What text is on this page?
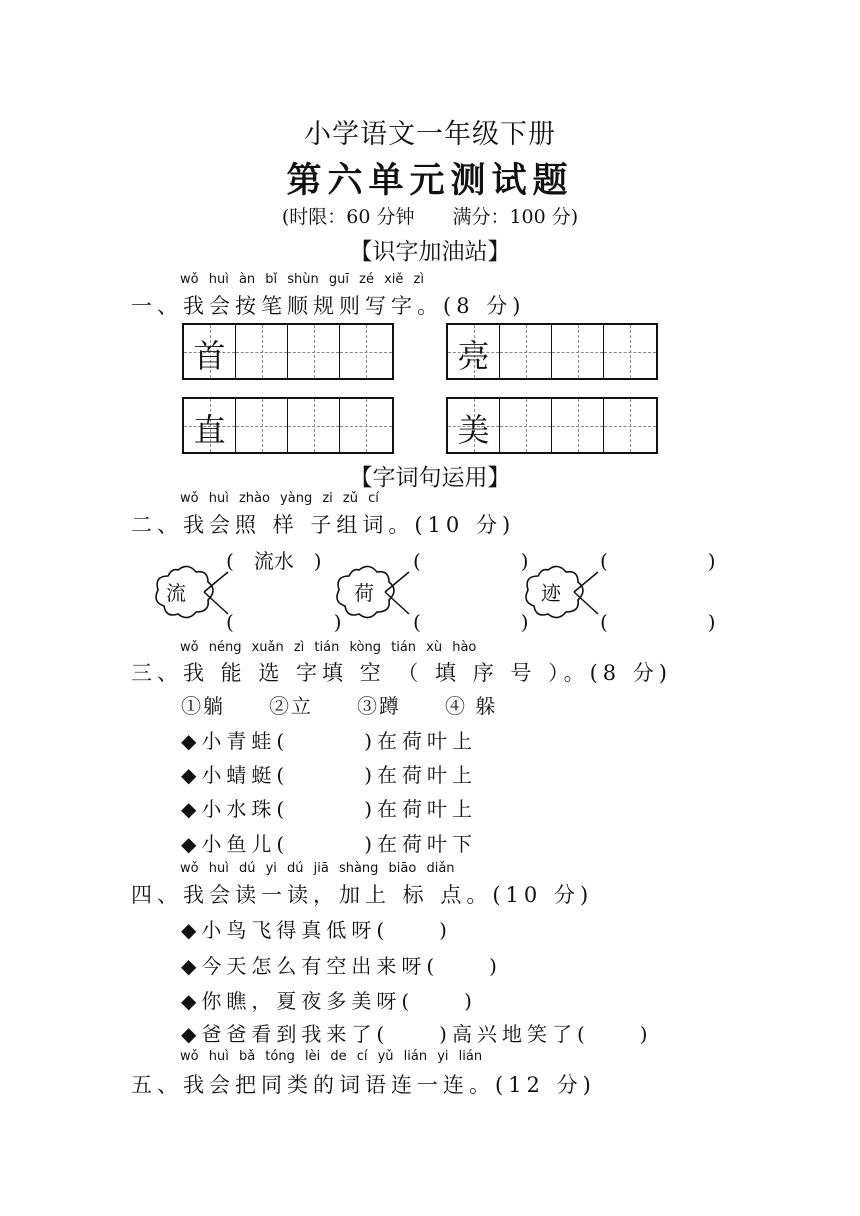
小学语文一年级下册
第六单元测试题
(时限：60 分钟　　满分：100 分)
【识字加油站】
wǒ huì àn bǐ shùn guī zé xiě zì
一、我会按笔顺规则写字。(8 分)
首	亮
直	美
【字词句运用】
wǒ huì zhào yàng zi zǔ cí
二、我会照 样 子组词。(10 分)
流	荷	迹
(　流水　)
(　　　　　)
(　　　　　)
(　　　　　)
(　　　　　)
(　　　　　)
wǒ néng xuǎn zì tián kòng tián xù hào
三、我 能 选 字填 空 （ 填 序 号 ）。(8 分)
①躺　　②立　　③蹲　　④ 躲
◆小青蛙(　　　	)在荷叶上
◆小蜻蜓(　　　	)在荷叶上
◆小水珠(　　　	)在荷叶上
◆小鱼儿(　　　	)在荷叶下
wǒ huì dú yi dú jiā shàng biāo diǎn
四、我会读一读，加上 标 点。(10 分)
◆小鸟飞得真低呀(　　)
◆今天怎么有空出来呀(　　)
◆你瞧，夏夜多美呀(　　)
◆爸爸看到我来了(　　)高兴地笑了(　　)
wǒ huì bǎ tóng lèi de cí yǔ lián yi lián
五、我会把同类的词语连一连。(12 分)
